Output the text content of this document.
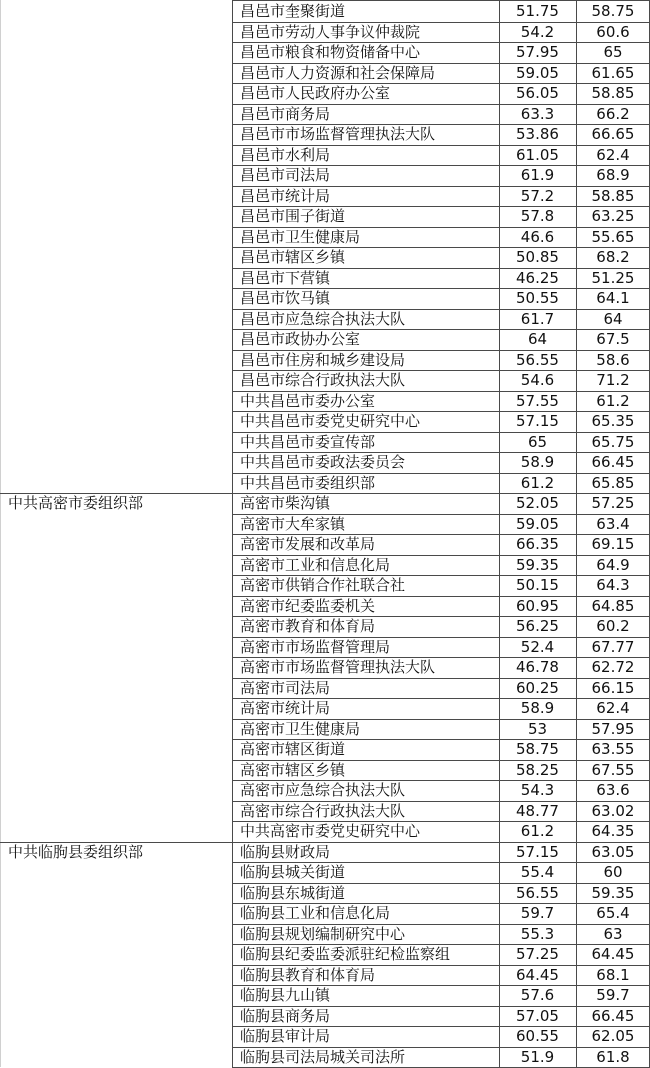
昌邑市奎聚街道	51.75	58.75
昌邑市劳动人事争议仲裁院	54.2	60.6
昌邑市粮食和物资储备中心	57.95	65
昌邑市人力资源和社会保障局	59.05	61.65
昌邑市人民政府办公室	56.05	58.85
昌邑市商务局	63.3	66.2
昌邑市市场监督管理执法大队	53.86	66.65
昌邑市水利局	61.05	62.4
昌邑市司法局	61.9	68.9
昌邑市统计局	57.2	58.85
昌邑市围子街道	57.8	63.25
昌邑市卫生健康局	46.6	55.65
昌邑市辖区乡镇	50.85	68.2
昌邑市下营镇	46.25	51.25
昌邑市饮马镇	50.55	64.1
昌邑市应急综合执法大队	61.7	64
昌邑市政协办公室	64	67.5
昌邑市住房和城乡建设局	56.55	58.6
昌邑市综合行政执法大队	54.6	71.2
中共昌邑市委办公室	57.55	61.2
中共昌邑市委党史研究中心	57.15	65.35
中共昌邑市委宣传部	65	65.75
中共昌邑市委政法委员会	58.9	66.45
中共昌邑市委组织部	61.2	65.85
中共高密市委组织部	高密市柴沟镇	52.05	57.25
高密市大牟家镇	59.05	63.4
高密市发展和改革局	66.35	69.15
高密市工业和信息化局	59.35	64.9
高密市供销合作社联合社	50.15	64.3
高密市纪委监委机关	60.95	64.85
高密市教育和体育局	56.25	60.2
高密市市场监督管理局	52.4	67.77
高密市市场监督管理执法大队	46.78	62.72
高密市司法局	60.25	66.15
高密市统计局	58.9	62.4
高密市卫生健康局	53	57.95
高密市辖区街道	58.75	63.55
高密市辖区乡镇	58.25	67.55
高密市应急综合执法大队	54.3	63.6
高密市综合行政执法大队	48.77	63.02
中共高密市委党史研究中心	61.2	64.35
中共临朐县委组织部	临朐县财政局	57.15	63.05
临朐县城关街道	55.4	60
临朐县东城街道	56.55	59.35
临朐县工业和信息化局	59.7	65.4
临朐县规划编制研究中心	55.3	63
临朐县纪委监委派驻纪检监察组	57.25	64.45
临朐县教育和体育局	64.45	68.1
临朐县九山镇	57.6	59.7
临朐县商务局	57.05	66.45
临朐县审计局	60.55	62.05
临朐县司法局城关司法所	51.9	61.8
